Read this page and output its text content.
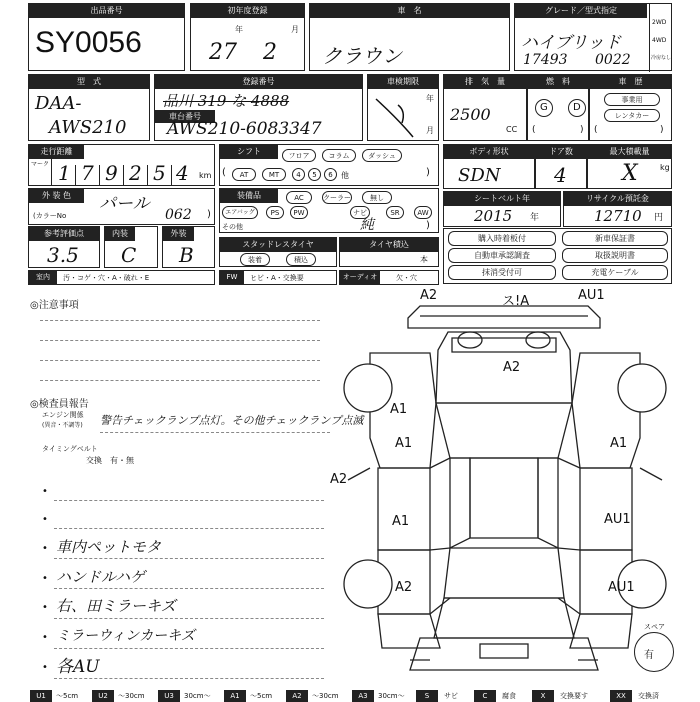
出品番号
SY0056
初年度登録
年	月
27 2
車　名
クラウン
グレード／型式指定
ハイブリッド
17493 0022
2WD
4WD
冷房なし
型　式
DAA-
AWS210
登録番号
品川 319 な 4888
車台番号
AWS210-6083347
車検期限
年
月
排　気　量
2500
CC
燃　料
G	D
(	)
車　歴
事業用
レンタカー
(	)
走行距離
マーク 1 7 9 2 5 4 km
シフト	フロア	コラム	ダッシュ
(	AT	MT	4	5	6	他	)
ボディ形状
SDN
ドア数
4
最大積載量
X	kg
外 装 色	パール
(カラーNo	062 )
装備品	AC	クーラー	無し
エアバッグ	PS	PW	ナビ	SR	AW
その他	純	)
シートベルト年
2015 年
リサイクル預託金
12710 円
参考評価点
3.5
内装
C
外装
B	スタッドレスタイヤ
装着	積込
タイヤ積込
本
購入時着板付	新車保証書
自動車承認調査	取扱説明書
抹消受付可	充電ケーブル
室内	汚・コゲ・穴・A・破れ・E	FW	ヒビ・A・交換要	オーディオ	欠・穴
◎注意事項
◎検査員報告
エンジン関係
(異音・不調等) 警告チェックランプ点灯。その他チェックランプ点滅
タイミングベルト
交換　有・無
•
•
• 車内ペットモタ
• ハンドルハゲ
• 右、田ミラーキズ
• ミラーウィンカーキズ
• 各AU
A2	ス!A	AU1
A2
A1
A1
A2
A1
A1	AU1
A2	AU1
スペア
有
U1	～5cm	U2	～30cm	U3	30cm～	A1	～5cm	A2	～30cm	A3	30cm～	S	サビ	C	腐食	X	交換要す	XX	交換済
